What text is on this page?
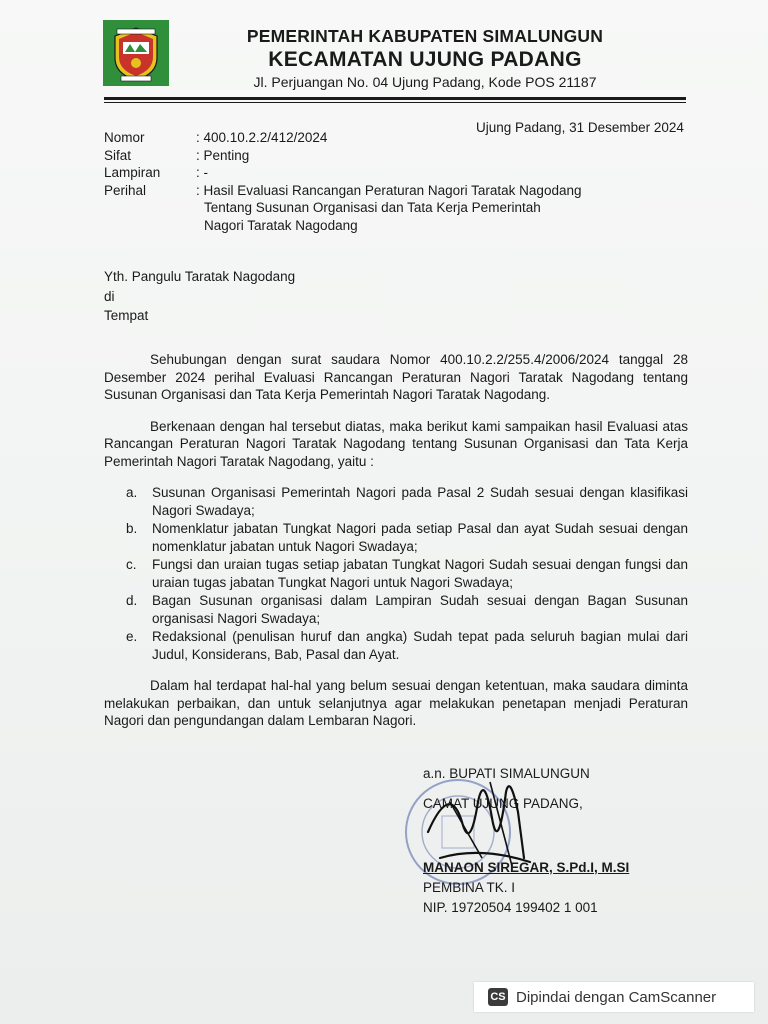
PEMERINTAH KABUPATEN SIMALUNGUN
KECAMATAN UJUNG PADANG
Jl. Perjuangan No. 04 Ujung Padang, Kode POS 21187
Ujung Padang, 31 Desember 2024
Nomor	: 400.10.2.2/412/2024
Sifat	: Penting
Lampiran	: -
Perihal	: Hasil Evaluasi Rancangan Peraturan Nagori Taratak Nagodang
Tentang Susunan Organisasi dan Tata Kerja Pemerintah
Nagori Taratak Nagodang
Yth. Pangulu Taratak Nagodang
di
Tempat

Sehubungan dengan surat saudara Nomor 400.10.2.2/255.4/2006/2024 tanggal 28 Desember 2024 perihal Evaluasi Rancangan Peraturan Nagori Taratak Nagodang tentang Susunan Organisasi dan Tata Kerja Pemerintah Nagori Taratak Nagodang.

Berkenaan dengan hal tersebut diatas, maka berikut kami sampaikan hasil Evaluasi atas Rancangan Peraturan Nagori Taratak Nagodang tentang Susunan Organisasi dan Tata Kerja Pemerintah Nagori Taratak Nagodang, yaitu :

a.	Susunan Organisasi Pemerintah Nagori pada Pasal 2 Sudah sesuai dengan klasifikasi Nagori Swadaya;
b.	Nomenklatur jabatan Tungkat Nagori pada setiap Pasal dan ayat Sudah sesuai dengan nomenklatur jabatan untuk Nagori Swadaya;
c.	Fungsi dan uraian tugas setiap jabatan Tungkat Nagori Sudah sesuai dengan fungsi dan uraian tugas jabatan Tungkat Nagori untuk Nagori Swadaya;
d.	Bagan Susunan organisasi dalam Lampiran Sudah sesuai dengan Bagan Susunan organisasi Nagori Swadaya;
e.	Redaksional (penulisan huruf dan angka) Sudah tepat pada seluruh bagian mulai dari Judul, Konsiderans, Bab, Pasal dan Ayat.

Dalam hal terdapat hal-hal yang belum sesuai dengan ketentuan, maka saudara diminta melakukan perbaikan, dan untuk selanjutnya agar melakukan penetapan menjadi Peraturan Nagori dan pengundangan dalam Lembaran Nagori.

a.n. BUPATI SIMALUNGUN
CAMAT UJUNG PADANG,
MANAON SIREGAR, S.Pd.I, M.SI
PEMBINA TK. I
NIP. 19720504 199402 1 001
CS Dipindai dengan CamScanner
